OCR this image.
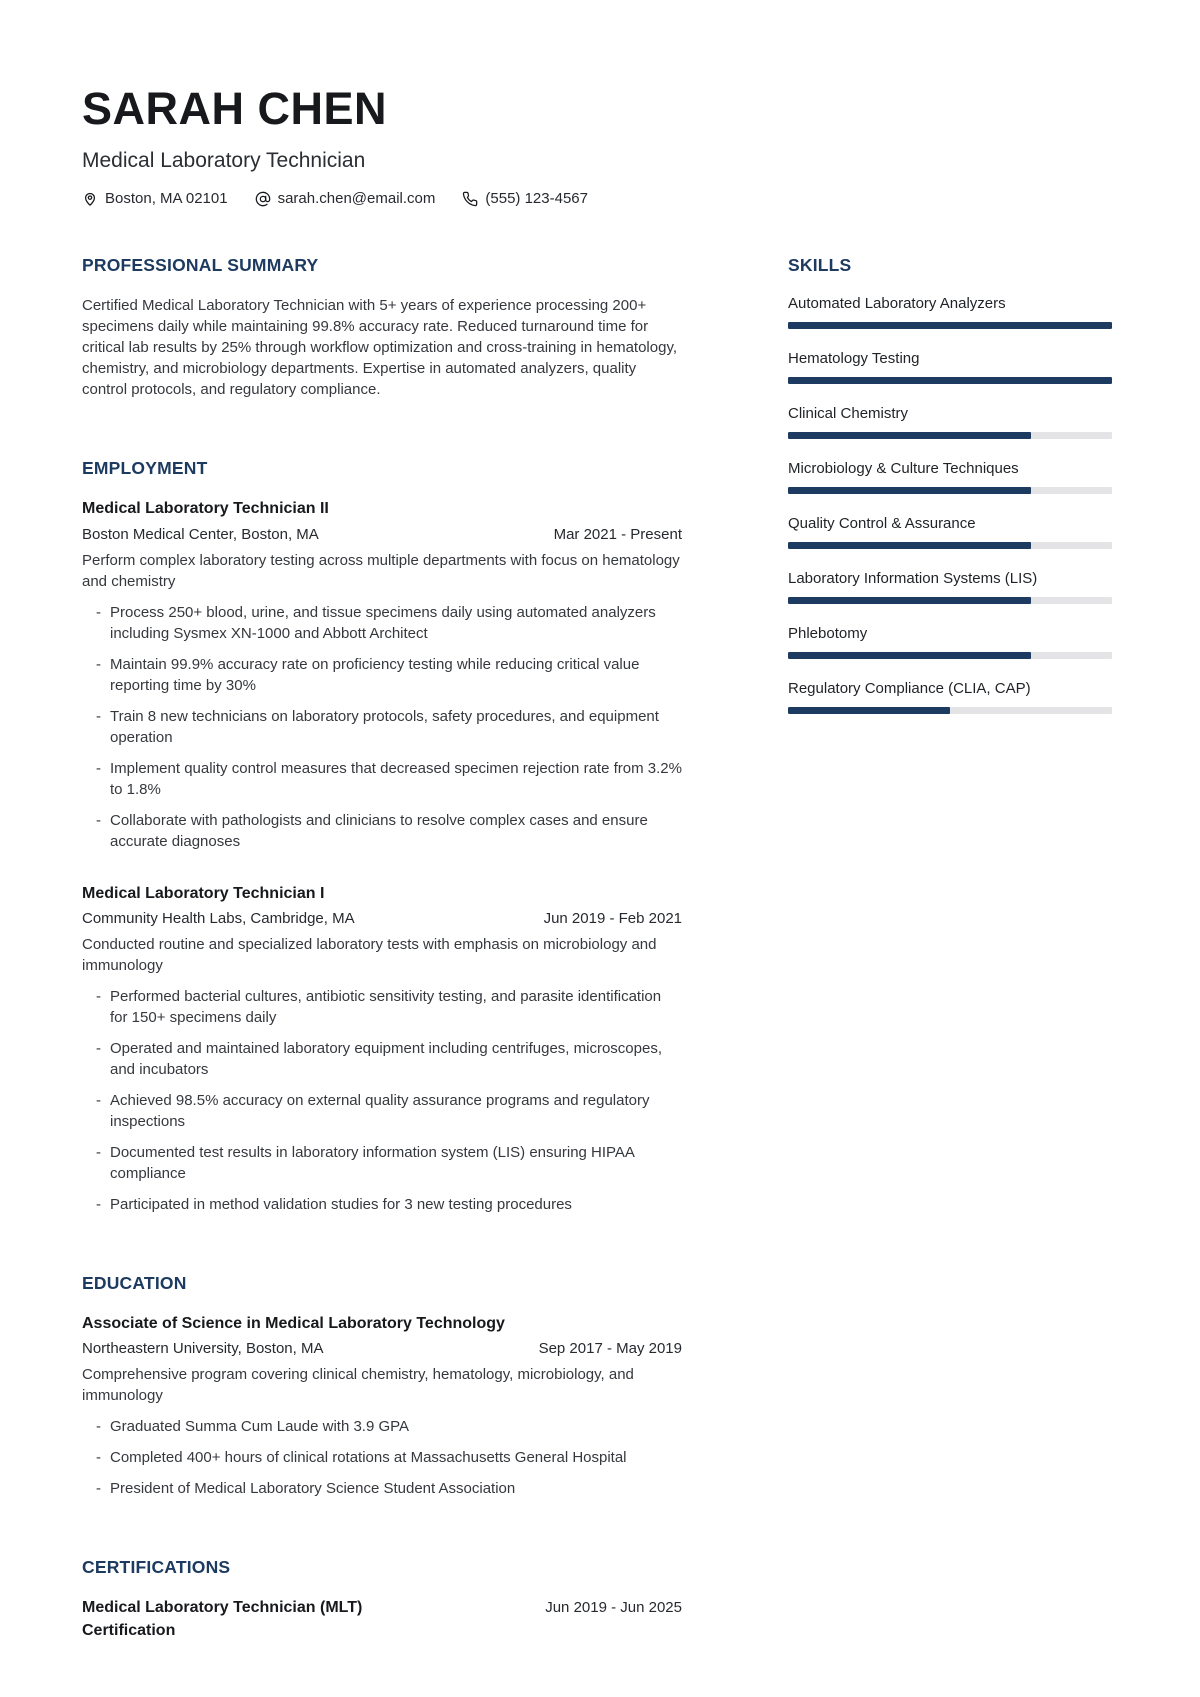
SARAH CHEN
Medical Laboratory Technician
Boston, MA 02101	sarah.chen@email.com	(555) 123-4567
PROFESSIONAL SUMMARY

Certified Medical Laboratory Technician with 5+ years of experience processing 200+ specimens daily while maintaining 99.8% accuracy rate. Reduced turnaround time for critical lab results by 25% through workflow optimization and cross-training in hematology, chemistry, and microbiology departments. Expertise in automated analyzers, quality control protocols, and regulatory compliance.

EMPLOYMENT
Medical Laboratory Technician II
Boston Medical Center, Boston, MA	Mar 2021 - Present

Perform complex laboratory testing across multiple departments with focus on hematology and chemistry

- Process 250+ blood, urine, and tissue specimens daily using automated analyzers including Sysmex XN-1000 and Abbott Architect
- Maintain 99.9% accuracy rate on proficiency testing while reducing critical value reporting time by 30%
- Train 8 new technicians on laboratory protocols, safety procedures, and equipment operation
- Implement quality control measures that decreased specimen rejection rate from 3.2% to 1.8%
- Collaborate with pathologists and clinicians to resolve complex cases and ensure accurate diagnoses
Medical Laboratory Technician I
Community Health Labs, Cambridge, MA	Jun 2019 - Feb 2021

Conducted routine and specialized laboratory tests with emphasis on microbiology and immunology

- Performed bacterial cultures, antibiotic sensitivity testing, and parasite identification for 150+ specimens daily
- Operated and maintained laboratory equipment including centrifuges, microscopes, and incubators
- Achieved 98.5% accuracy on external quality assurance programs and regulatory inspections
- Documented test results in laboratory information system (LIS) ensuring HIPAA compliance
- Participated in method validation studies for 3 new testing procedures
EDUCATION
Associate of Science in Medical Laboratory Technology
Northeastern University, Boston, MA	Sep 2017 - May 2019

Comprehensive program covering clinical chemistry, hematology, microbiology, and immunology

- Graduated Summa Cum Laude with 3.9 GPA
- Completed 400+ hours of clinical rotations at Massachusetts General Hospital
- President of Medical Laboratory Science Student Association
CERTIFICATIONS
Medical Laboratory Technician (MLT) Certification
Jun 2019 - Jun 2025
SKILLS
Automated Laboratory Analyzers
Hematology Testing
Clinical Chemistry
Microbiology & Culture Techniques
Quality Control & Assurance
Laboratory Information Systems (LIS)
Phlebotomy
Regulatory Compliance (CLIA, CAP)
